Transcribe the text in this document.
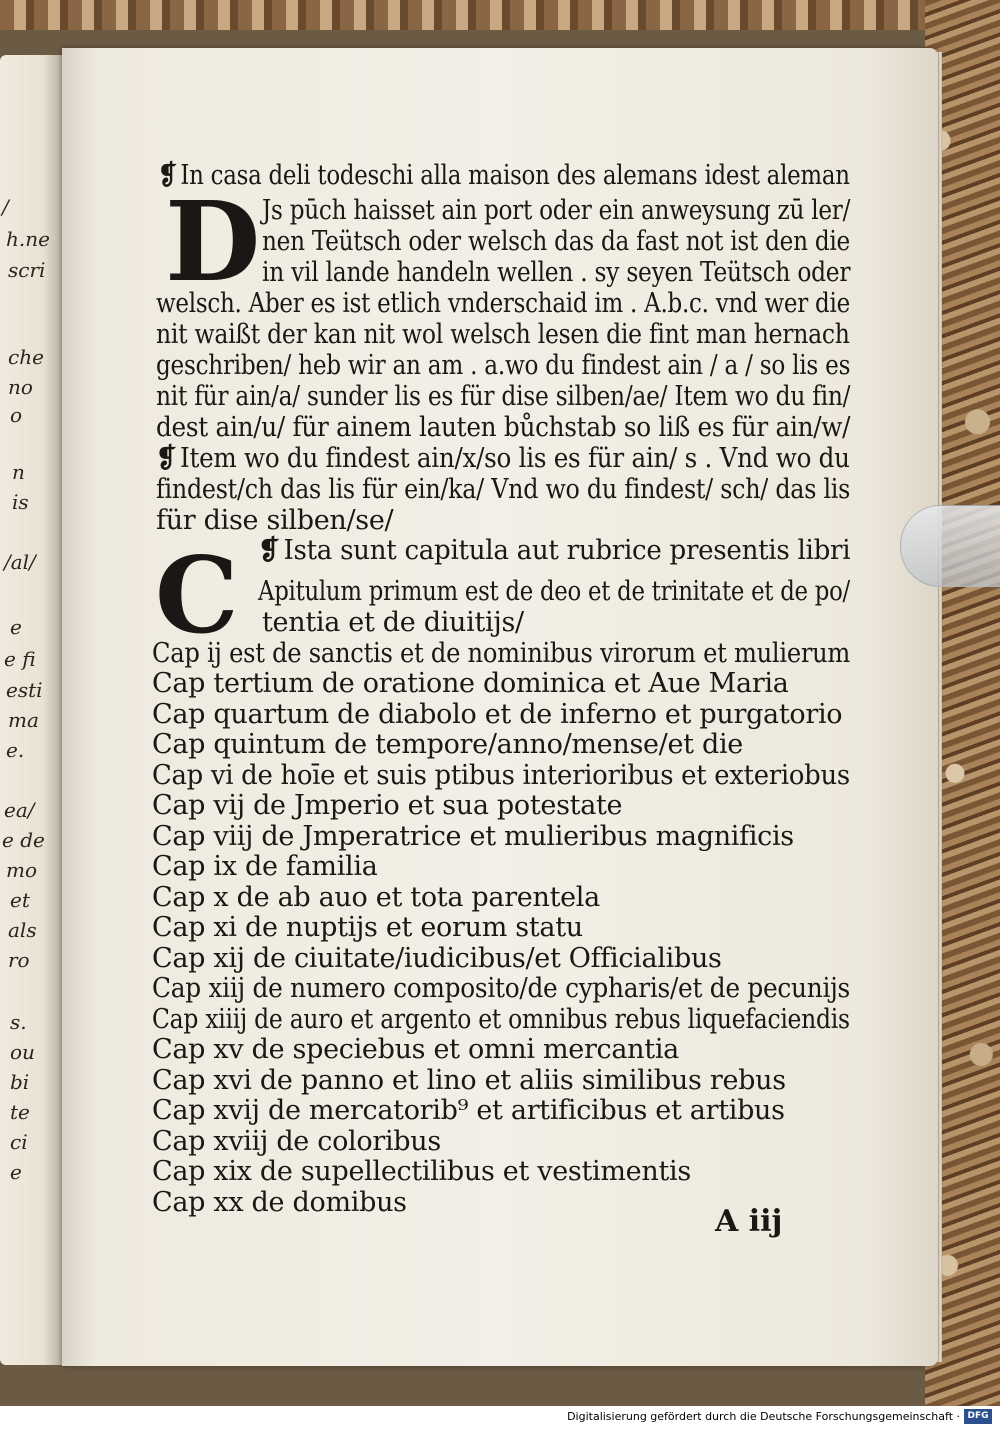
/
h.ne
scri
che
no
o
n
is
/al/
e
e fi
esti
ma
e.
ea/
e de
mo
et
als
ro
s.
ou
bi
te
ci
e
❡ In casa deli todeschi alla maison des alemans idest aleman
D Js pūch haisset ain port oder ein anweysung zū ler/
nen Teütsch oder welsch das da fast not ist den die
in vil lande handeln wellen . sy seyen Teütsch oder
welsch. Aber es ist etlich vnderschaid im . A.b.c. vnd wer die
nit waißt der kan nit wol welsch lesen die fint man hernach
geschriben/ heb wir an am . a.wo du findest ain / a / so lis es
nit für ain/a/ sunder lis es für dise silben/ae/ Item wo du fin/
dest ain/u/ für ainem lauten bůchstab so liß es für ain/w/
❡ Item wo du findest ain/x/so lis es für ain/ s . Vnd wo du
findest/ch das lis für ein/ka/ Vnd wo du findest/ sch/ das lis
für dise silben/se/
❡ Ista sunt capitula aut rubrice presentis libri
C Apitulum primum est de deo et de trinitate et de po/
tentia et de diuitijs/
Cap ij est de sanctis et de nominibus virorum et mulierum
Cap tertium de oratione dominica et Aue Maria
Cap quartum de diabolo et de inferno et purgatorio
Cap quintum de tempore/anno/mense/et die
Cap vi de hoīe et suis ptibus interioribus et exteriobus
Cap vij de Jmperio et sua potestate
Cap viij de Jmperatrice et mulieribus magnificis
Cap ix de familia
Cap x de ab auo et tota parentela
Cap xi de nuptijs et eorum statu
Cap xij de ciuitate/iudicibus/et Officialibus
Cap xiij de numero composito/de cypharis/et de pecunijs
Cap xiiij de auro et argento et omnibus rebus liquefaciendis
Cap xv de speciebus et omni mercantia
Cap xvi de panno et lino et aliis similibus rebus
Cap xvij de mercatorib⁹ et artificibus et artibus
Cap xviij de coloribus
Cap xix de supellectilibus et vestimentis
Cap xx de domibus
A iij
Digitalisierung gefördert durch die Deutsche Forschungsgemeinschaft · DFG
